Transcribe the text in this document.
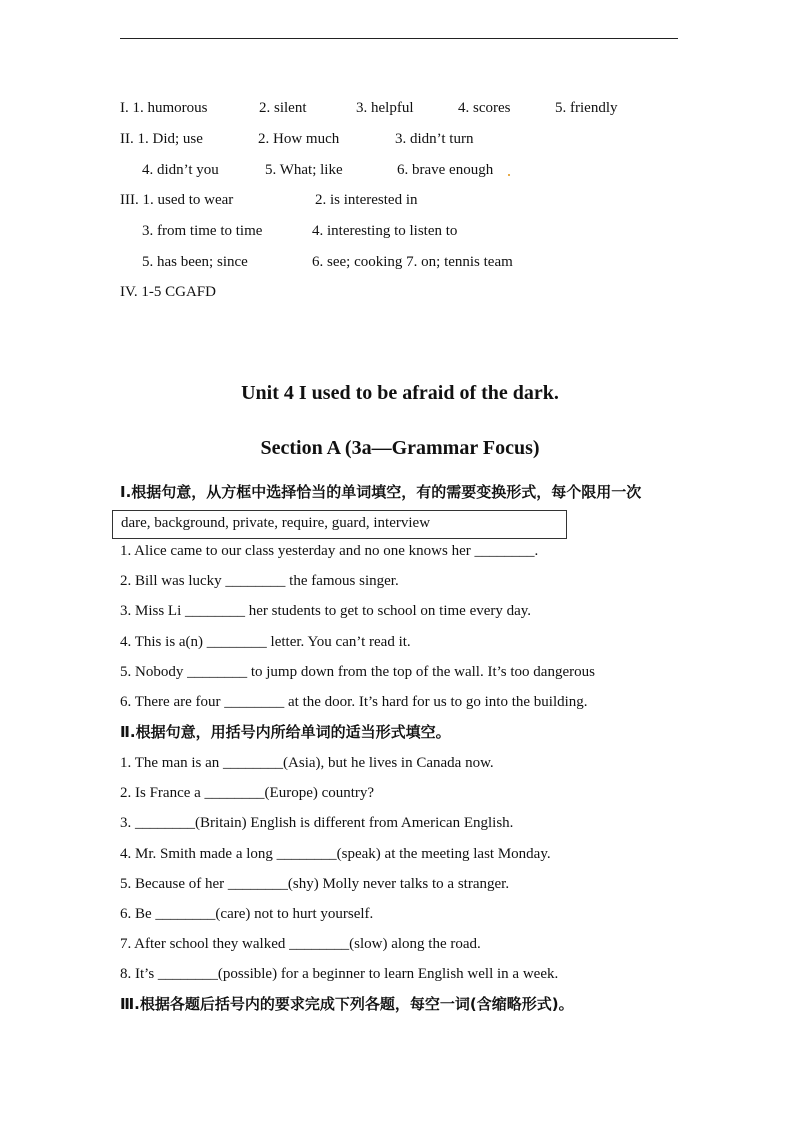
I. 1. humorous	2. silent	3. helpful	4. scores	5. friendly
II. 1. Did; use	2. How much	3. didn’t turn
4. didn’t you	5. What; like	6. brave enough
III. 1. used to wear	2. is interested in
3. from time to time	4. interesting to listen to
5. has been; since	6. see; cooking 7. on; tennis team
IV. 1-5 CGAFD
Unit 4 I used to be afraid of the dark.
Section A (3a—Grammar Focus)
Ⅰ.根据句意，从方框中选择恰当的单词填空，有的需要变换形式，每个限用一次
dare, background, private, require, guard, interview
1. Alice came to our class yesterday and no one knows her ________.
2. Bill was lucky ________ the famous singer.
3. Miss Li ________ her students to get to school on time every day.
4. This is a(n) ________ letter. You can’t read it.
5. Nobody ________ to jump down from the top of the wall. It’s too dangerous
6. There are four ________ at the door. It’s hard for us to go into the building.
Ⅱ.根据句意，用括号内所给单词的适当形式填空。
1. The man is an ________(Asia), but he lives in Canada now.
2. Is France a ________(Europe) country?
3. ________(Britain) English is different from American English.
4. Mr. Smith made a long ________(speak) at the meeting last Monday.
5. Because of her ________(shy) Molly never talks to a stranger.
6. Be ________(care) not to hurt yourself.
7. After school they walked ________(slow) along the road.
8. It’s ________(possible) for a beginner to learn English well in a week.
Ⅲ.根据各题后括号内的要求完成下列各题，每空一词(含缩略形式)。
